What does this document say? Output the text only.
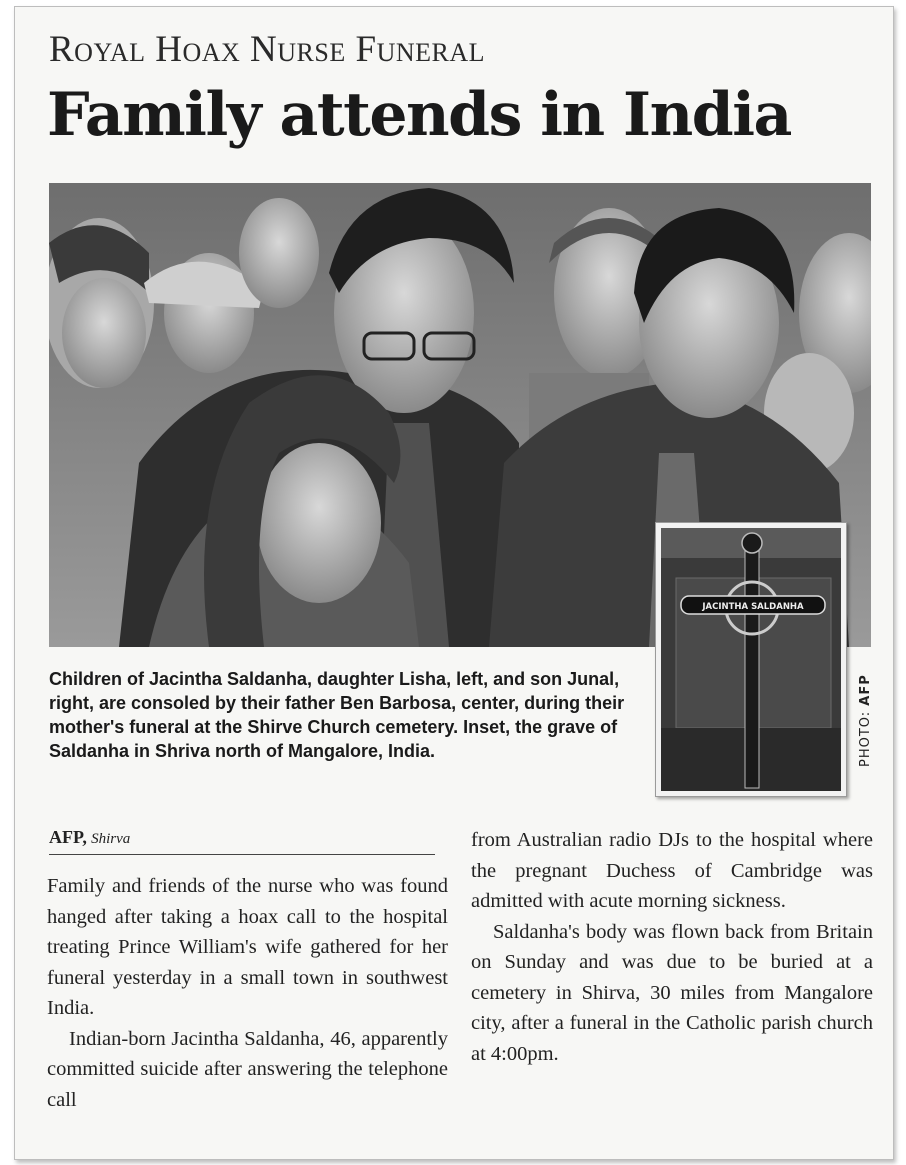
Royal Hoax Nurse Funeral
Family attends in India
JACINTHA SALDANHA
Children of Jacintha Saldanha, daughter Lisha, left, and son Junal, right, are consoled by their father Ben Barbosa, center, during their mother's funeral at the Shirve Church cemetery. Inset, the grave of Saldanha in Shriva north of Mangalore, India.	PHOTO: AFP
AFP, Shirva

Family and friends of the nurse who was found hanged after taking a hoax call to the hospital treating Prince William's wife gathered for her funeral yesterday in a small town in southwest India.

Indian-born Jacintha Saldanha, 46, apparently committed suicide after answering the telephone call

from Australian radio DJs to the hospital where the pregnant Duchess of Cambridge was admitted with acute morning sickness.

Saldanha's body was flown back from Britain on Sunday and was due to be buried at a cemetery in Shirva, 30 miles from Mangalore city, after a funeral in the Catholic parish church at 4:00pm.
